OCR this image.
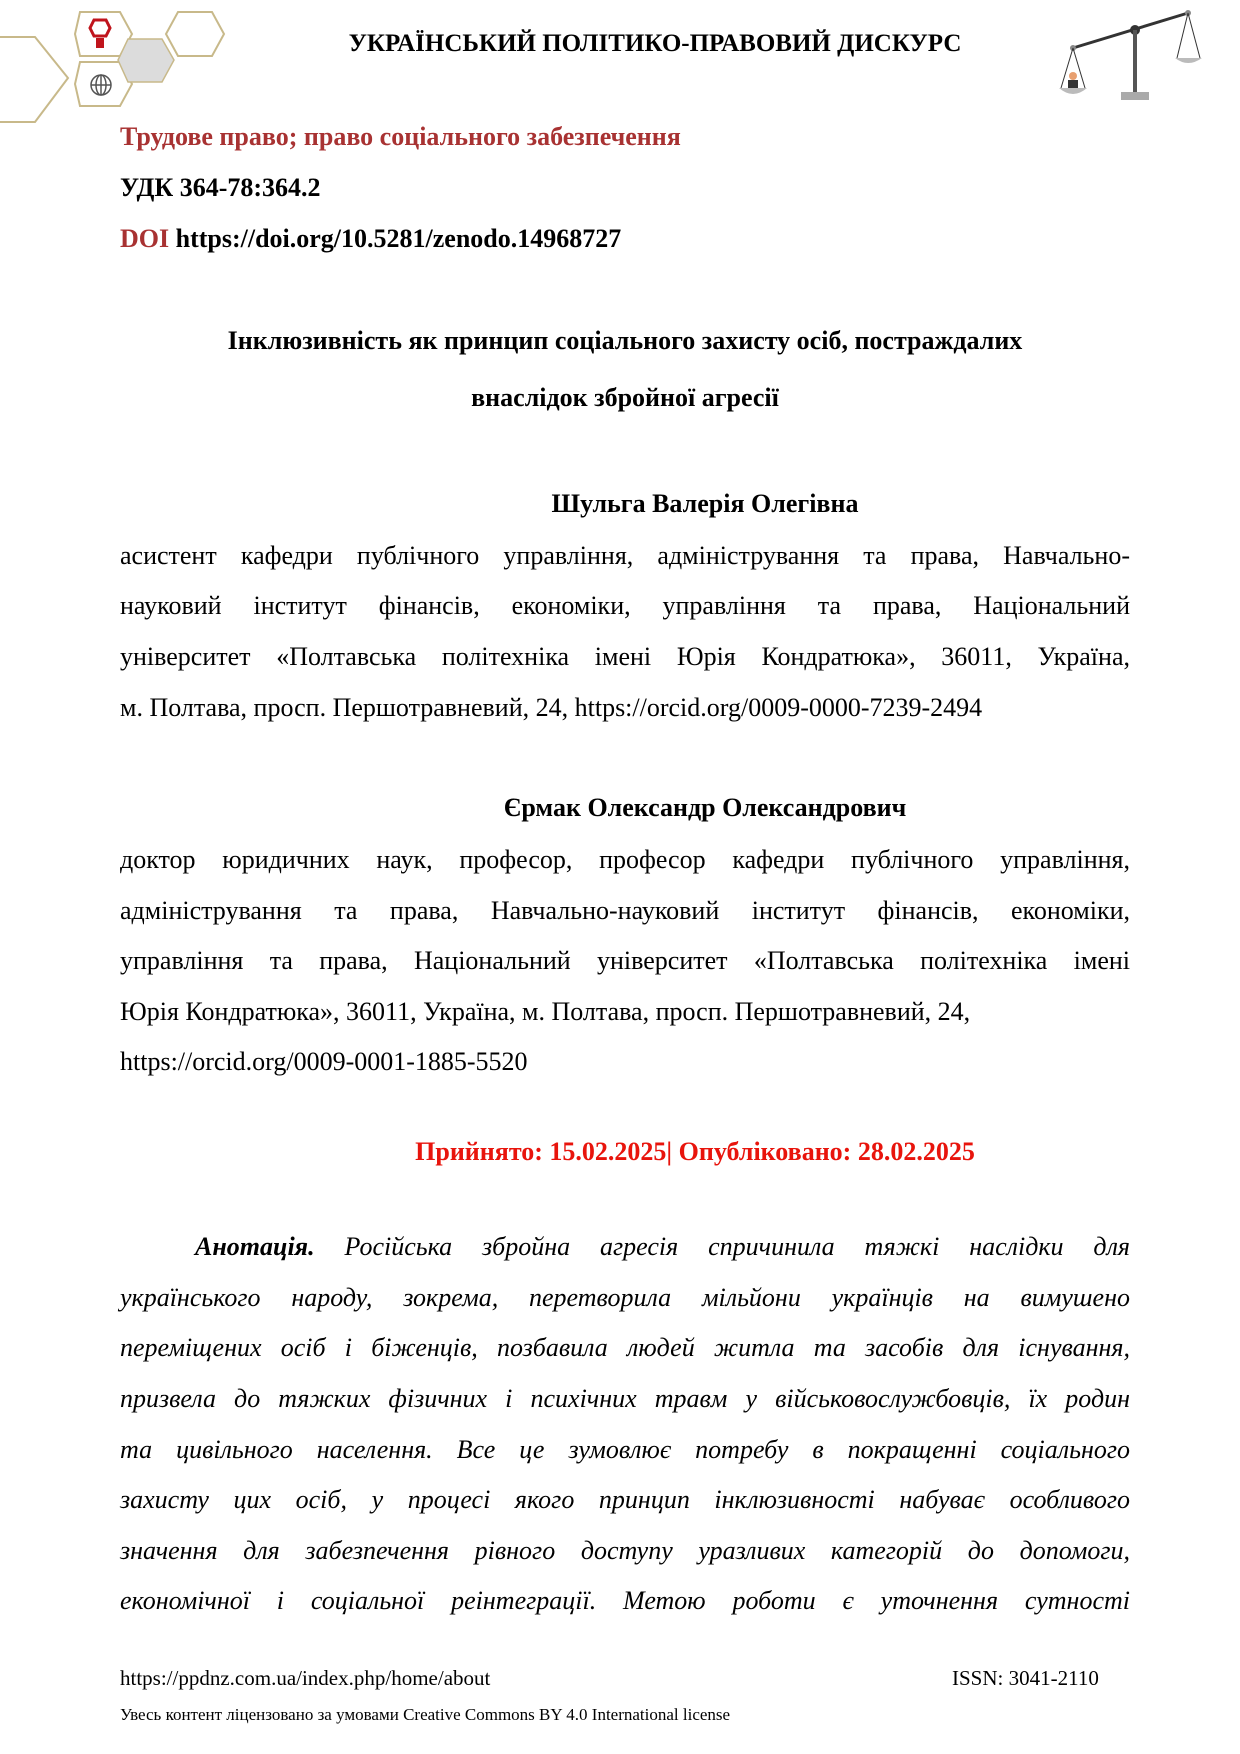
УКРАЇНСЬКИЙ ПОЛІТИКО-ПРАВОВИЙ ДИСКУРС
Трудове право; право соціального забезпечення
УДК 364-78:364.2
DOI https://doi.org/10.5281/zenodo.14968727
Інклюзивність як принцип соціального захисту осіб, постраждалих
внаслідок збройної агресії
Шульга Валерія Олегівна
асистент кафедри публічного управління, адміністрування та права, Навчально-
науковий інститут фінансів, економіки, управління та права, Національний
університет «Полтавська політехніка імені Юрія Кондратюка», 36011, Україна,
м. Полтава, просп. Першотравневий, 24, https://orcid.org/0009-0000-7239-2494
Єрмак Олександр Олександрович
доктор юридичних наук, професор, професор кафедри публічного управління,
адміністрування та права, Навчально-науковий інститут фінансів, економіки,
управління та права, Національний університет «Полтавська політехніка імені
Юрія Кондратюка», 36011, Україна, м. Полтава, просп. Першотравневий, 24,
https://orcid.org/0009-0001-1885-5520
Прийнято: 15.02.2025| Опубліковано: 28.02.2025
Анотація. Російська збройна агресія спричинила тяжкі наслідки для
українського народу, зокрема, перетворила мільйони українців на вимушено
переміщених осіб і біженців, позбавила людей житла та засобів для існування,
призвела до тяжких фізичних і психічних травм у військовослужбовців, їх родин
та цивільного населення. Все це зумовлює потребу в покращенні соціального
захисту цих осіб, у процесі якого принцип інклюзивності набуває особливого
значення для забезпечення рівного доступу уразливих категорій до допомоги,
економічної і соціальної реінтеграції. Метою роботи є уточнення сутності
https://ppdnz.com.ua/index.php/home/about	ISSN: 3041-2110
Увесь контент ліцензовано за умовами Creative Commons BY 4.0 International license
